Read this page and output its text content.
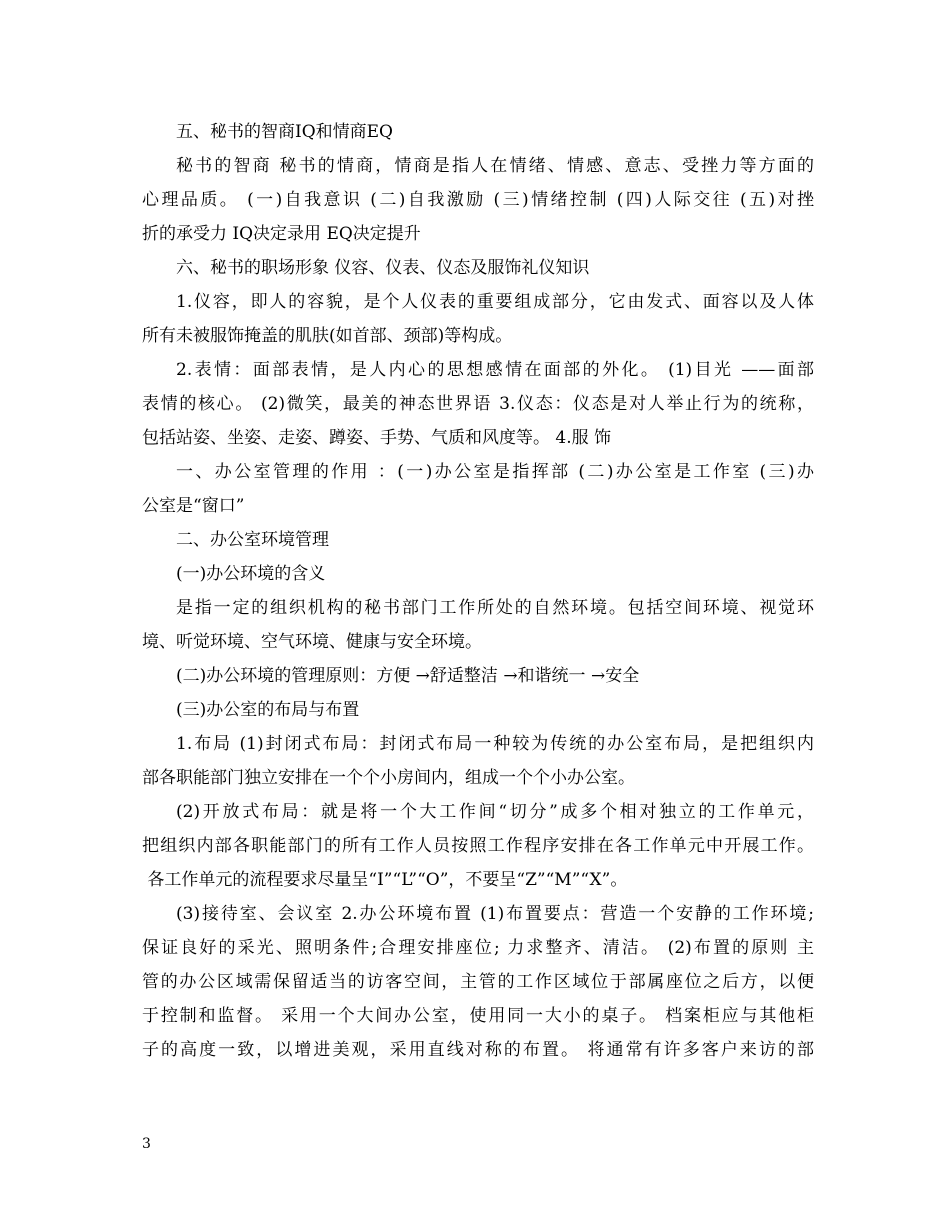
五、秘书的智商IQ和情商EQ
秘书的智商 秘书的情商，情商是指人在情绪、情感、意志、受挫力等方面的
心理品质。 (一)自我意识 (二)自我激励 (三)情绪控制 (四)人际交往 (五)对挫
折的承受力 IQ决定录用 EQ决定提升
六、秘书的职场形象 仪容、仪表、仪态及服饰礼仪知识
1.仪容，即人的容貌，是个人仪表的重要组成部分，它由发式、面容以及人体
所有未被服饰掩盖的肌肤(如首部、颈部)等构成。
2.表情：面部表情，是人内心的思想感情在面部的外化。 (1)目光 ——面部
表情的核心。 (2)微笑，最美的神态世界语 3.仪态：仪态是对人举止行为的统称，
包括站姿、坐姿、走姿、蹲姿、手势、气质和风度等。 4.服 饰
一、办公室管理的作用 ：(一)办公室是指挥部 (二)办公室是工作室 (三)办
公室是“窗口”
二、办公室环境管理
(一)办公环境的含义
是指一定的组织机构的秘书部门工作所处的自然环境。包括空间环境、视觉环
境、听觉环境、空气环境、健康与安全环境。
(二)办公环境的管理原则：方便 →舒适整洁 →和谐统一 →安全
(三)办公室的布局与布置
1.布局 (1)封闭式布局：封闭式布局一种较为传统的办公室布局，是把组织内
部各职能部门独立安排在一个个小房间内，组成一个个小办公室。
(2)开放式布局：就是将一个大工作间“切分”成多个相对独立的工作单元，
把组织内部各职能部门的所有工作人员按照工作程序安排在各工作单元中开展工作。
各工作单元的流程要求尽量呈“I”“L”“O”，不要呈“Z”“M”“X”。
(3)接待室、会议室 2.办公环境布置 (1)布置要点：营造一个安静的工作环境;
保证良好的采光、照明条件;合理安排座位; 力求整齐、清洁。 (2)布置的原则 主
管的办公区域需保留适当的访客空间，主管的工作区域位于部属座位之后方，以便
于控制和监督。 采用一个大间办公室，使用同一大小的桌子。 档案柜应与其他柜
子的高度一致，以增进美观，采用直线对称的布置。 将通常有许多客户来访的部
3
